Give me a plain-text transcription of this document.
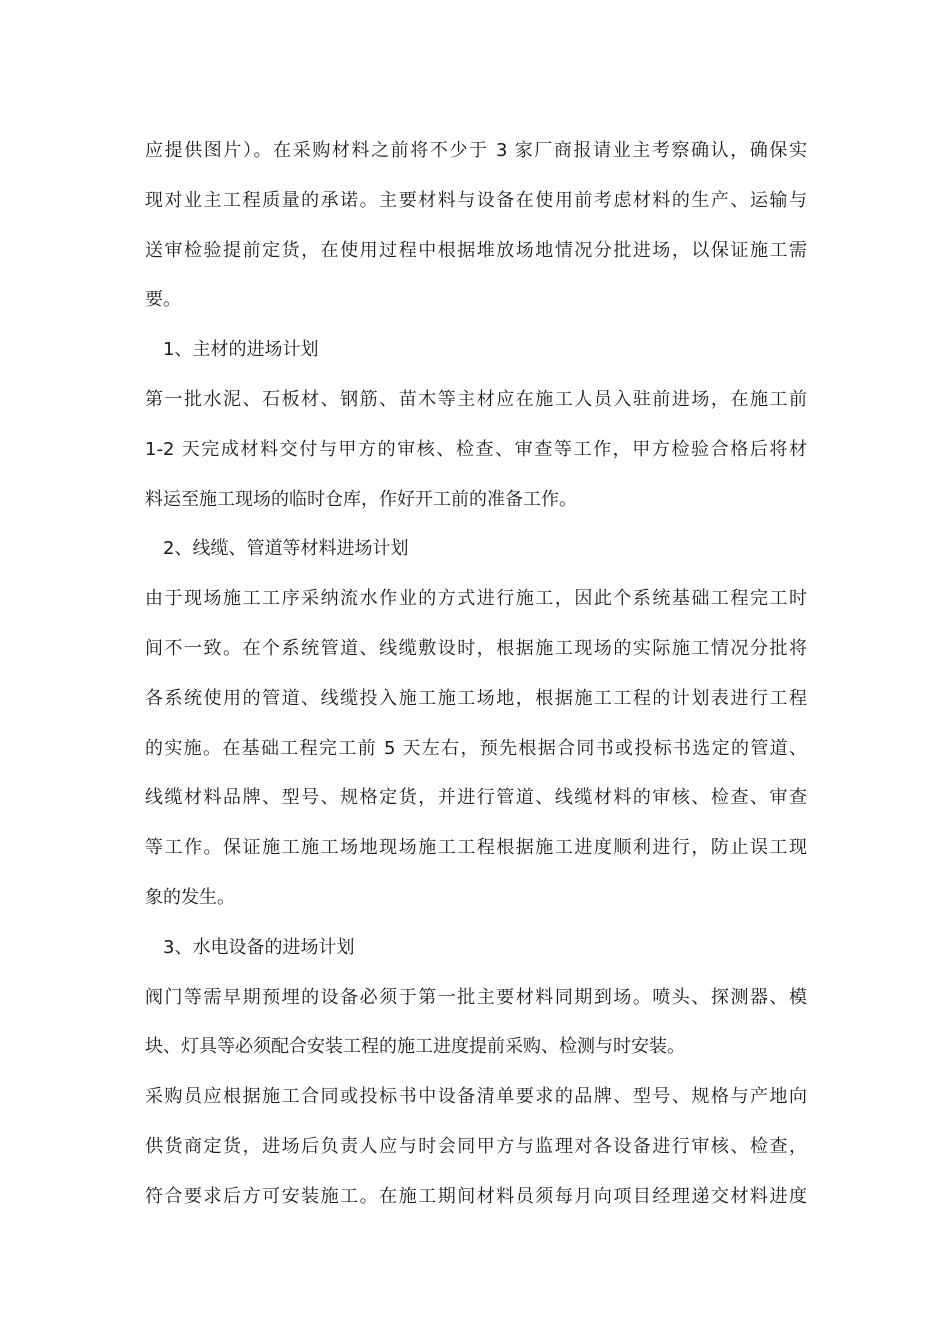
应提供图片）。在采购材料之前将不少于 3 家厂商报请业主考察确认，确保实
现对业主工程质量的承诺。主要材料与设备在使用前考虑材料的生产、运输与
送审检验提前定货，在使用过程中根据堆放场地情况分批进场，以保证施工需
要。
1、主材的进场计划
第一批水泥、石板材、钢筋、苗木等主材应在施工人员入驻前进场，在施工前
1-2 天完成材料交付与甲方的审核、检查、审查等工作，甲方检验合格后将材
料运至施工现场的临时仓库，作好开工前的准备工作。
2、线缆、管道等材料进场计划
由于现场施工工序采纳流水作业的方式进行施工，因此个系统基础工程完工时
间不一致。在个系统管道、线缆敷设时，根据施工现场的实际施工情况分批将
各系统使用的管道、线缆投入施工施工场地，根据施工工程的计划表进行工程
的实施。在基础工程完工前 5 天左右，预先根据合同书或投标书选定的管道、
线缆材料品牌、型号、规格定货，并进行管道、线缆材料的审核、检查、审查
等工作。保证施工施工场地现场施工工程根据施工进度顺利进行，防止误工现
象的发生。
3、水电设备的进场计划
阀门等需早期预埋的设备必须于第一批主要材料同期到场。喷头、探测器、模
块、灯具等必须配合安装工程的施工进度提前采购、检测与时安装。
采购员应根据施工合同或投标书中设备清单要求的品牌、型号、规格与产地向
供货商定货，进场后负责人应与时会同甲方与监理对各设备进行审核、检查，
符合要求后方可安装施工。在施工期间材料员须每月向项目经理递交材料进度
